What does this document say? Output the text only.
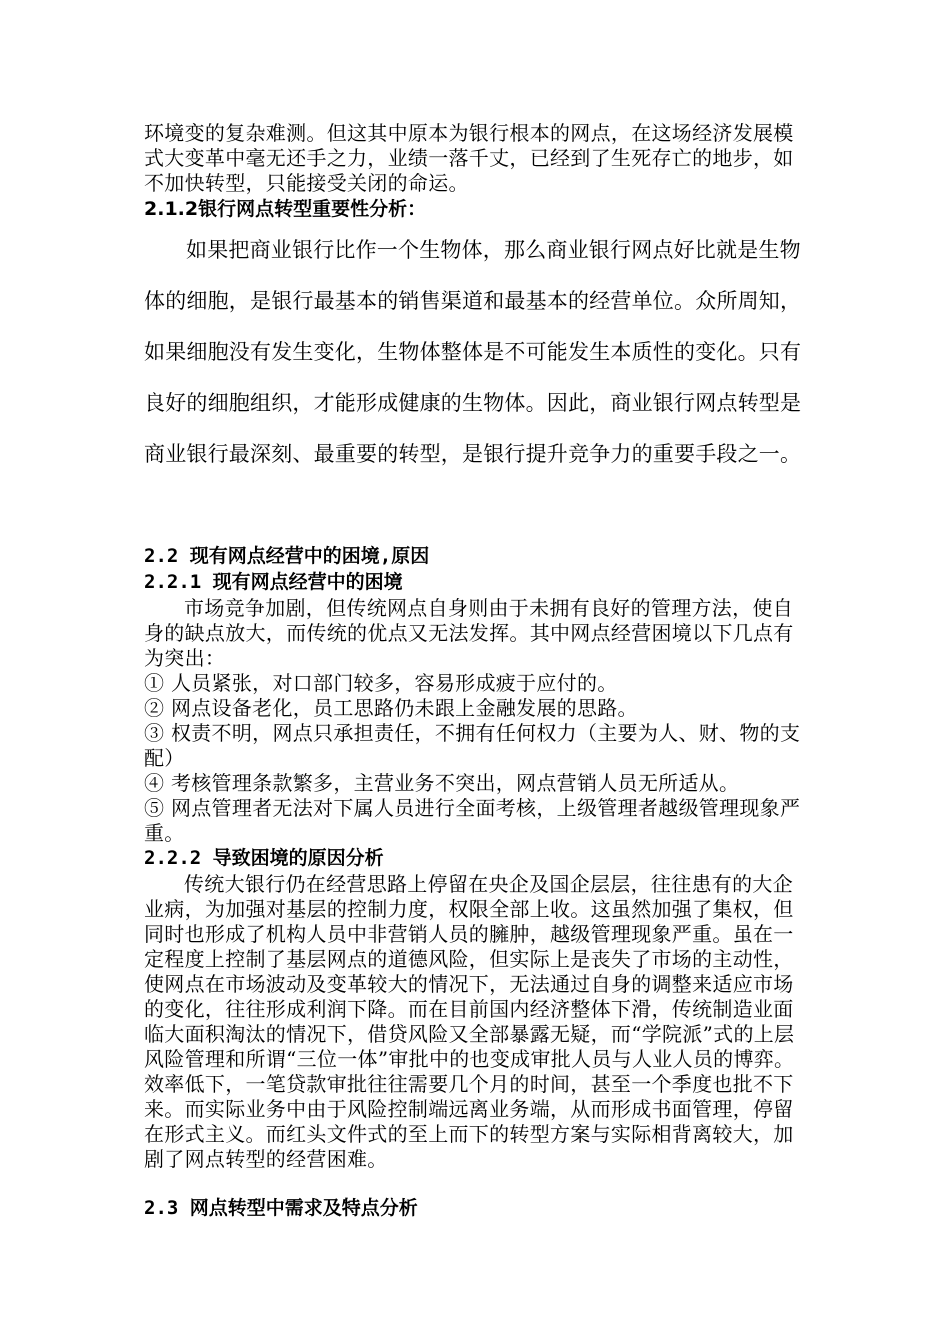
环境变的复杂难测。但这其中原本为银行根本的网点，在这场经济发展模式大变革中毫无还手之力，业绩一落千丈，已经到了生死存亡的地步，如不加快转型，只能接受关闭的命运。

2.1.2银行网点转型重要性分析：

如果把商业银行比作一个生物体，那么商业银行网点好比就是生物体的细胞，是银行最基本的销售渠道和最基本的经营单位。众所周知，如果细胞没有发生变化，生物体整体是不可能发生本质性的变化。只有良好的细胞组织，才能形成健康的生物体。因此，商业银行网点转型是商业银行最深刻、最重要的转型，是银行提升竞争力的重要手段之一。

2.2 现有网点经营中的困境,原因

2.2.1 现有网点经营中的困境

市场竞争加剧，但传统网点自身则由于未拥有良好的管理方法，使自身的缺点放大，而传统的优点又无法发挥。其中网点经营困境以下几点有为突出：

① 人员紧张，对口部门较多，容易形成疲于应付的。

② 网点设备老化，员工思路仍未跟上金融发展的思路。

③ 权责不明，网点只承担责任，不拥有任何权力（主要为人、财、物的支配）

④ 考核管理条款繁多，主营业务不突出，网点营销人员无所适从。

⑤ 网点管理者无法对下属人员进行全面考核，上级管理者越级管理现象严重。

2.2.2 导致困境的原因分析

传统大银行仍在经营思路上停留在央企及国企层层，往往患有的大企业病，为加强对基层的控制力度，权限全部上收。这虽然加强了集权，但同时也形成了机构人员中非营销人员的臃肿，越级管理现象严重。虽在一定程度上控制了基层网点的道德风险，但实际上是丧失了市场的主动性，使网点在市场波动及变革较大的情况下，无法通过自身的调整来适应市场的变化，往往形成利润下降。而在目前国内经济整体下滑，传统制造业面临大面积淘汰的情况下，借贷风险又全部暴露无疑，而“学院派”式的上层风险管理和所谓“三位一体”审批中的也变成审批人员与人业人员的博弈。效率低下，一笔贷款审批往往需要几个月的时间，甚至一个季度也批不下来。而实际业务中由于风险控制端远离业务端，从而形成书面管理，停留在形式主义。而红头文件式的至上而下的转型方案与实际相背离较大，加剧了网点转型的经营困难。

2.3 网点转型中需求及特点分析
